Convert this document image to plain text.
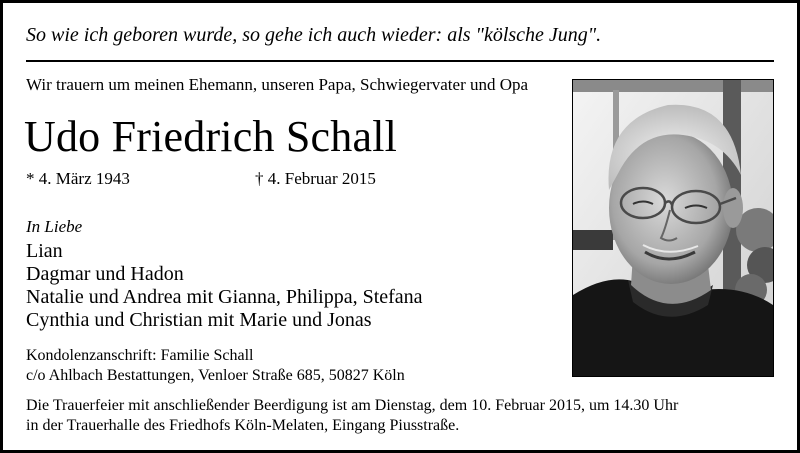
So wie ich geboren wurde, so gehe ich auch wieder: als "kölsche Jung".
Wir trauern um meinen Ehemann, unseren Papa, Schwiegervater und Opa
Udo Friedrich Schall
* 4. März 1943	† 4. Februar 2015
In Liebe
Lian
Dagmar und Hadon
Natalie und Andrea mit Gianna, Philippa, Stefana
Cynthia und Christian mit Marie und Jonas
Kondolenzanschrift: Familie Schall
c/o Ahlbach Bestattungen, Venloer Straße 685, 50827 Köln
Die Trauerfeier mit anschließender Beerdigung ist am Dienstag, dem 10. Februar 2015, um 14.30 Uhr
in der Trauerhalle des Friedhofs Köln-Melaten, Eingang Piusstraße.
